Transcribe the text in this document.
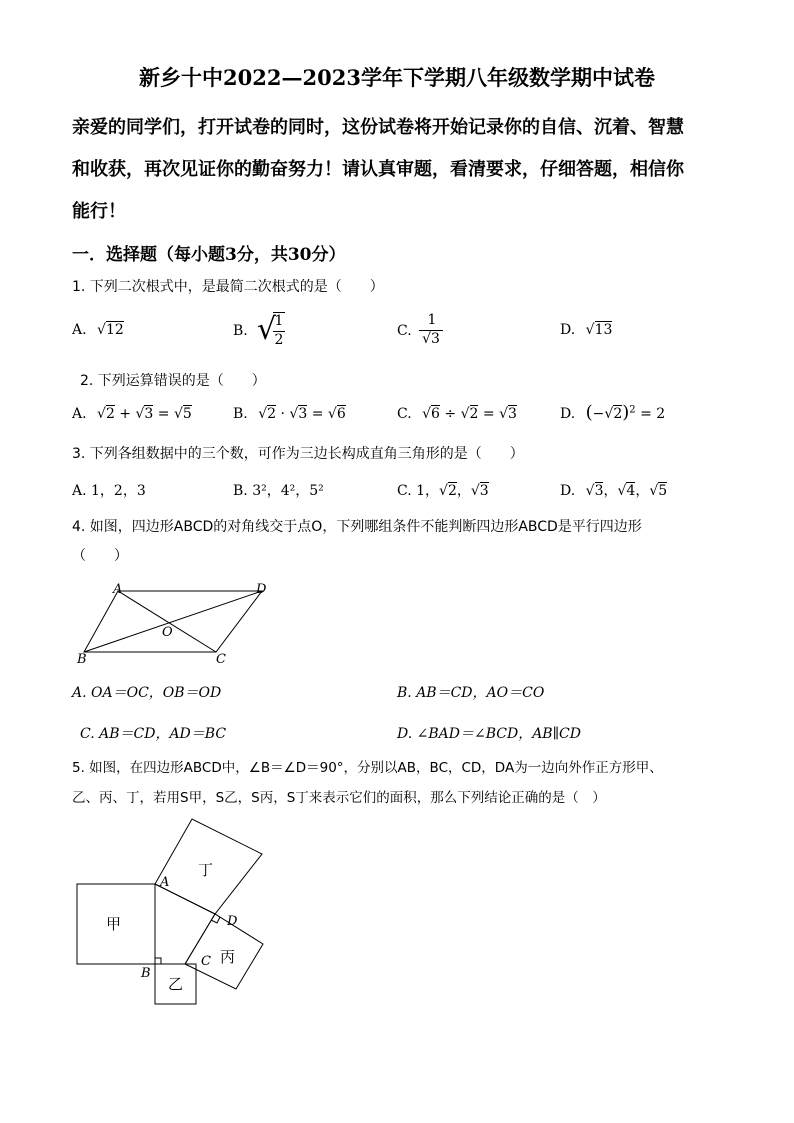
新乡十中2022—2023学年下学期八年级数学期中试卷
亲爱的同学们，打开试卷的同时，这份试卷将开始记录你的自信、沉着、智慧
和收获，再次见证你的勤奋努力！请认真审题，看清要求，仔细答题，相信你
能行！
一．选择题（每小题3分，共30分）
1. 下列二次根式中，是最简二次根式的是（　　）
A. √12	B. √
1
2
C.
1
√3
D. √13
2. 下列运算错误的是（　　）
A. √2 + √3 = √5	B. √2 · √3 = √6	C. √6 ÷ √2 = √3	D. $(-√2)^2 = 2$
3. 下列各组数据中的三个数，可作为三边长构成直角三角形的是（　　）
A. 1，2，3	B. 3²，4²，5²	C. 1，√2，√3	D. √3，√4，√5
4. 如图，四边形ABCD的对角线交于点O，下列哪组条件不能判断四边形ABCD是平行四边形
（　　）
A	D
B	C
O
A. OA＝OC，OB＝OD	B. AB＝CD，AO＝CO
C. AB＝CD，AD＝BC	D. ∠BAD＝∠BCD，AB∥CD
5. 如图，在四边形ABCD中，∠B＝∠D＝90°，分别以AB，BC，CD，DA为一边向外作正方形甲、
乙、丙、丁，若用S甲，S乙，S丙，S丁来表示它们的面积，那么下列结论正确的是（　）
A
B
C
D
甲
乙
丙
丁
